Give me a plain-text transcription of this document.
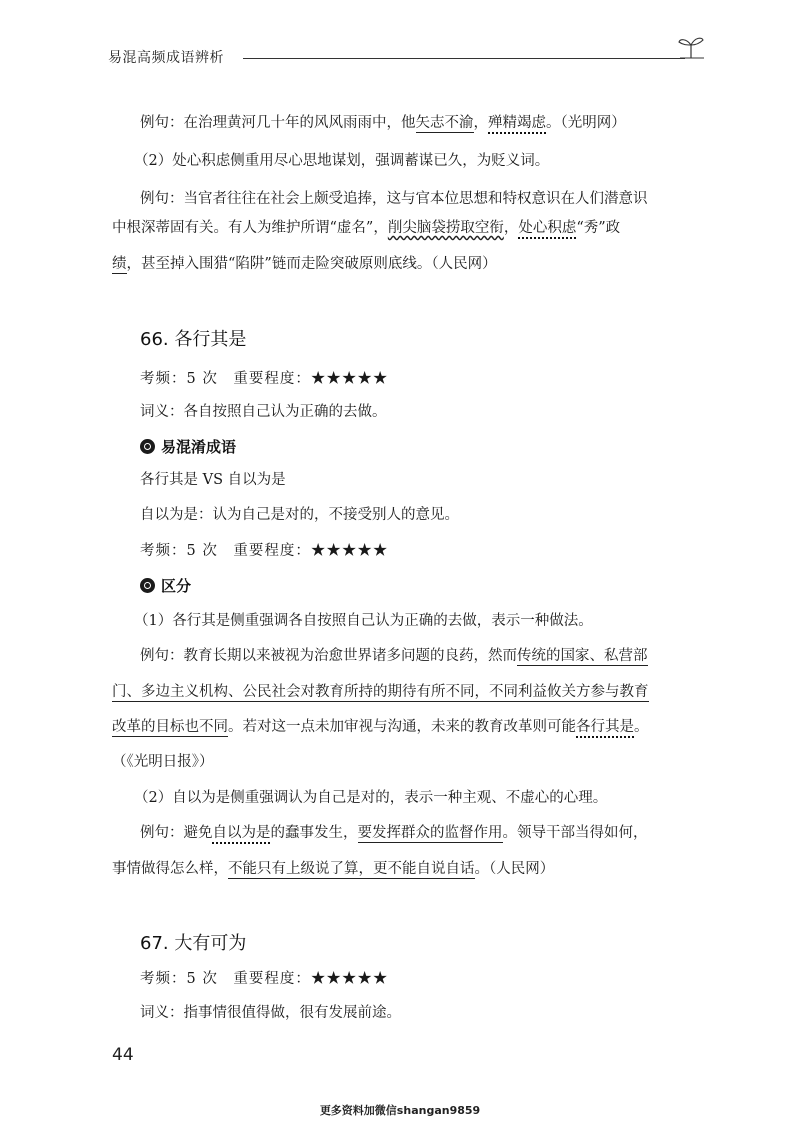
易混高频成语辨析
例句：在治理黄河几十年的风风雨雨中，他矢志不渝，殚精竭虑。（光明网）
（2）处心积虑侧重用尽心思地谋划，强调蓄谋已久，为贬义词。
例句：当官者往往在社会上颇受追捧，这与官本位思想和特权意识在人们潜意识
中根深蒂固有关。有人为维护所谓“虚名”，削尖脑袋捞取空衔，处心积虑“秀”政
绩，甚至掉入围猎“陷阱”链而走险突破原则底线。（人民网）
66. 各行其是
考频：5 次　重要程度：★★★★★
词义：各自按照自己认为正确的去做。
易混淆成语
各行其是 VS 自以为是
自以为是：认为自己是对的，不接受别人的意见。
考频：5 次　重要程度：★★★★★
区分
（1）各行其是侧重强调各自按照自己认为正确的去做，表示一种做法。
例句：教育长期以来被视为治愈世界诸多问题的良药，然而传统的国家、私营部
门、多边主义机构、公民社会对教育所持的期待有所不同，不同利益攸关方参与教育
改革的目标也不同。若对这一点未加审视与沟通，未来的教育改革则可能各行其是。
（《光明日报》）
（2）自以为是侧重强调认为自己是对的，表示一种主观、不虚心的心理。
例句：避免自以为是的蠢事发生，要发挥群众的监督作用。领导干部当得如何，
事情做得怎么样，不能只有上级说了算，更不能自说自话。（人民网）
67. 大有可为
考频：5 次　重要程度：★★★★★
词义：指事情很值得做，很有发展前途。
44
更多资料加微信shangan9859
